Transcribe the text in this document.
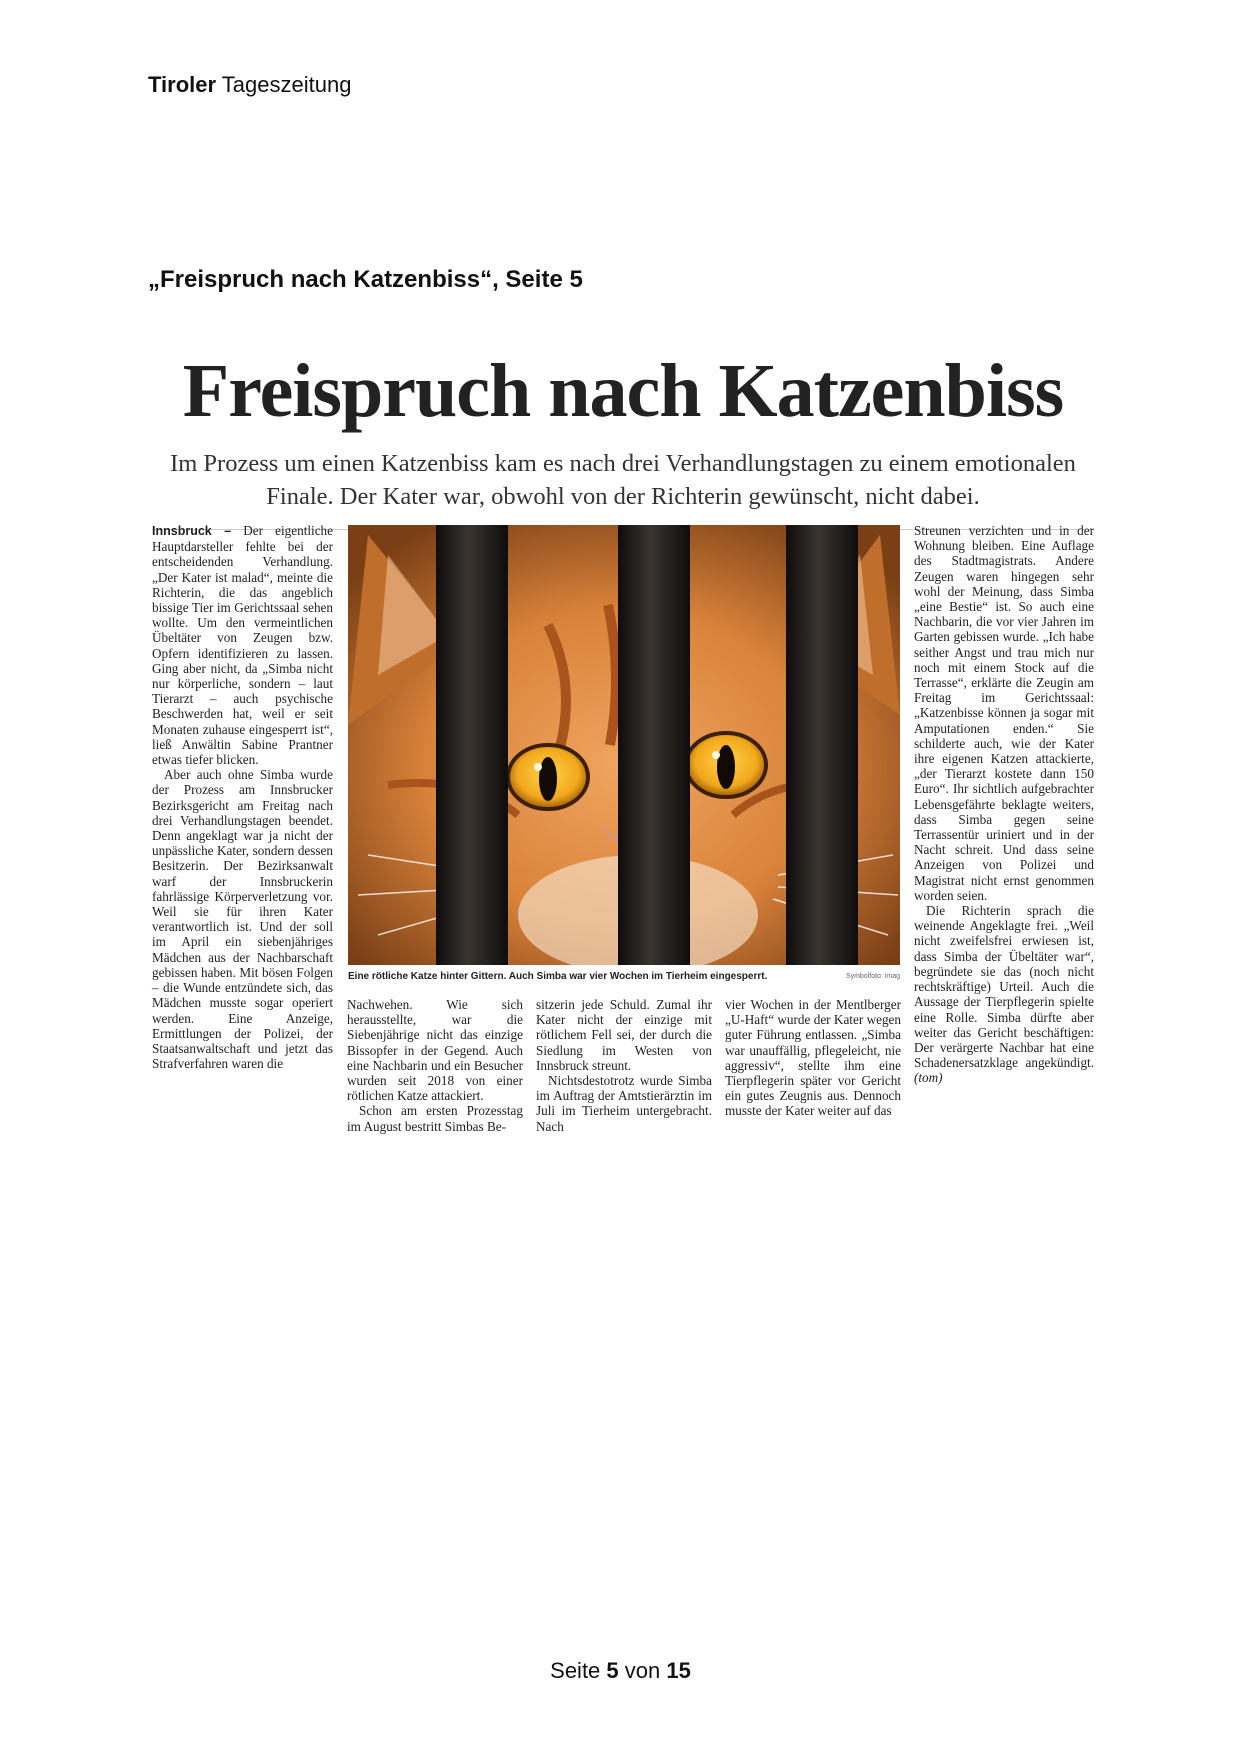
Tiroler Tageszeitung
„Freispruch nach Katzenbiss“, Seite 5
Freispruch nach Katzenbiss

Im Prozess um einen Katzenbiss kam es nach drei Verhandlungstagen zu einem emotionalen Finale. Der Kater war, obwohl von der Richterin gewünscht, nicht dabei.

Innsbruck – Der eigentliche Hauptdarsteller fehlte bei der entscheidenden Verhandlung. „Der Kater ist malad“, meinte die Richterin, die das angeblich bissige Tier im Gerichtssaal sehen wollte. Um den vermeintlichen Übeltäter von Zeugen bzw. Opfern identifizieren zu lassen. Ging aber nicht, da „Simba nicht nur körperliche, sondern – laut Tierarzt – auch psychische Beschwerden hat, weil er seit Monaten zuhause eingesperrt ist“, ließ Anwältin Sabine Prantner etwas tiefer blicken.

Aber auch ohne Simba wurde der Prozess am Innsbrucker Bezirksgericht am Freitag nach drei Verhandlungstagen beendet. Denn angeklagt war ja nicht der unpässliche Kater, sondern dessen Besitzerin. Der Bezirksanwalt warf der Innsbruckerin fahrlässige Körperverletzung vor. Weil sie für ihren Kater verantwortlich ist. Und der soll im April ein siebenjähriges Mädchen aus der Nachbarschaft gebissen haben. Mit bösen Folgen – die Wunde entzündete sich, das Mädchen musste sogar operiert werden. Eine Anzeige, Ermittlungen der Polizei, der Staatsanwaltschaft und jetzt das Strafverfahren waren die

Eine rötliche Katze hinter Gittern. Auch Simba war vier Wochen im Tierheim eingesperrt.	Symbolfoto: imag

Nachwehen. Wie sich herausstellte, war die Siebenjährige nicht das einzige Bissopfer in der Gegend. Auch eine Nachbarin und ein Besucher wurden seit 2018 von einer rötlichen Katze attackiert.

Schon am ersten Prozesstag im August bestritt Simbas Be-

sitzerin jede Schuld. Zumal ihr Kater nicht der einzige mit rötlichem Fell sei, der durch die Siedlung im Westen von Innsbruck streunt.

Nichtsdestotrotz wurde Simba im Auftrag der Amtstierärztin im Juli im Tierheim untergebracht. Nach

vier Wochen in der Mentlberger „U-Haft“ wurde der Kater wegen guter Führung entlassen. „Simba war unauffällig, pflegeleicht, nie aggressiv“, stellte ihm eine Tierpflegerin später vor Gericht ein gutes Zeugnis aus. Dennoch musste der Kater weiter auf das

Streunen verzichten und in der Wohnung bleiben. Eine Auflage des Stadtmagistrats. Andere Zeugen waren hingegen sehr wohl der Meinung, dass Simba „eine Bestie“ ist. So auch eine Nachbarin, die vor vier Jahren im Garten gebissen wurde. „Ich habe seither Angst und trau mich nur noch mit einem Stock auf die Terrasse“, erklärte die Zeugin am Freitag im Gerichtssaal: „Katzenbisse können ja sogar mit Amputationen enden.“ Sie schilderte auch, wie der Kater ihre eigenen Katzen attackierte, „der Tierarzt kostete dann 150 Euro“. Ihr sichtlich aufgebrachter Lebensgefährte beklagte weiters, dass Simba gegen seine Terrassentür uriniert und in der Nacht schreit. Und dass seine Anzeigen von Polizei und Magistrat nicht ernst genommen worden seien.

Die Richterin sprach die weinende Angeklagte frei. „Weil nicht zweifelsfrei erwiesen ist, dass Simba der Übeltäter war“, begründete sie das (noch nicht rechtskräftige) Urteil. Auch die Aussage der Tierpflegerin spielte eine Rolle. Simba dürfte aber weiter das Gericht beschäftigen: Der verärgerte Nachbar hat eine Schadenersatzklage angekündigt. (tom)

Seite 5 von 15
